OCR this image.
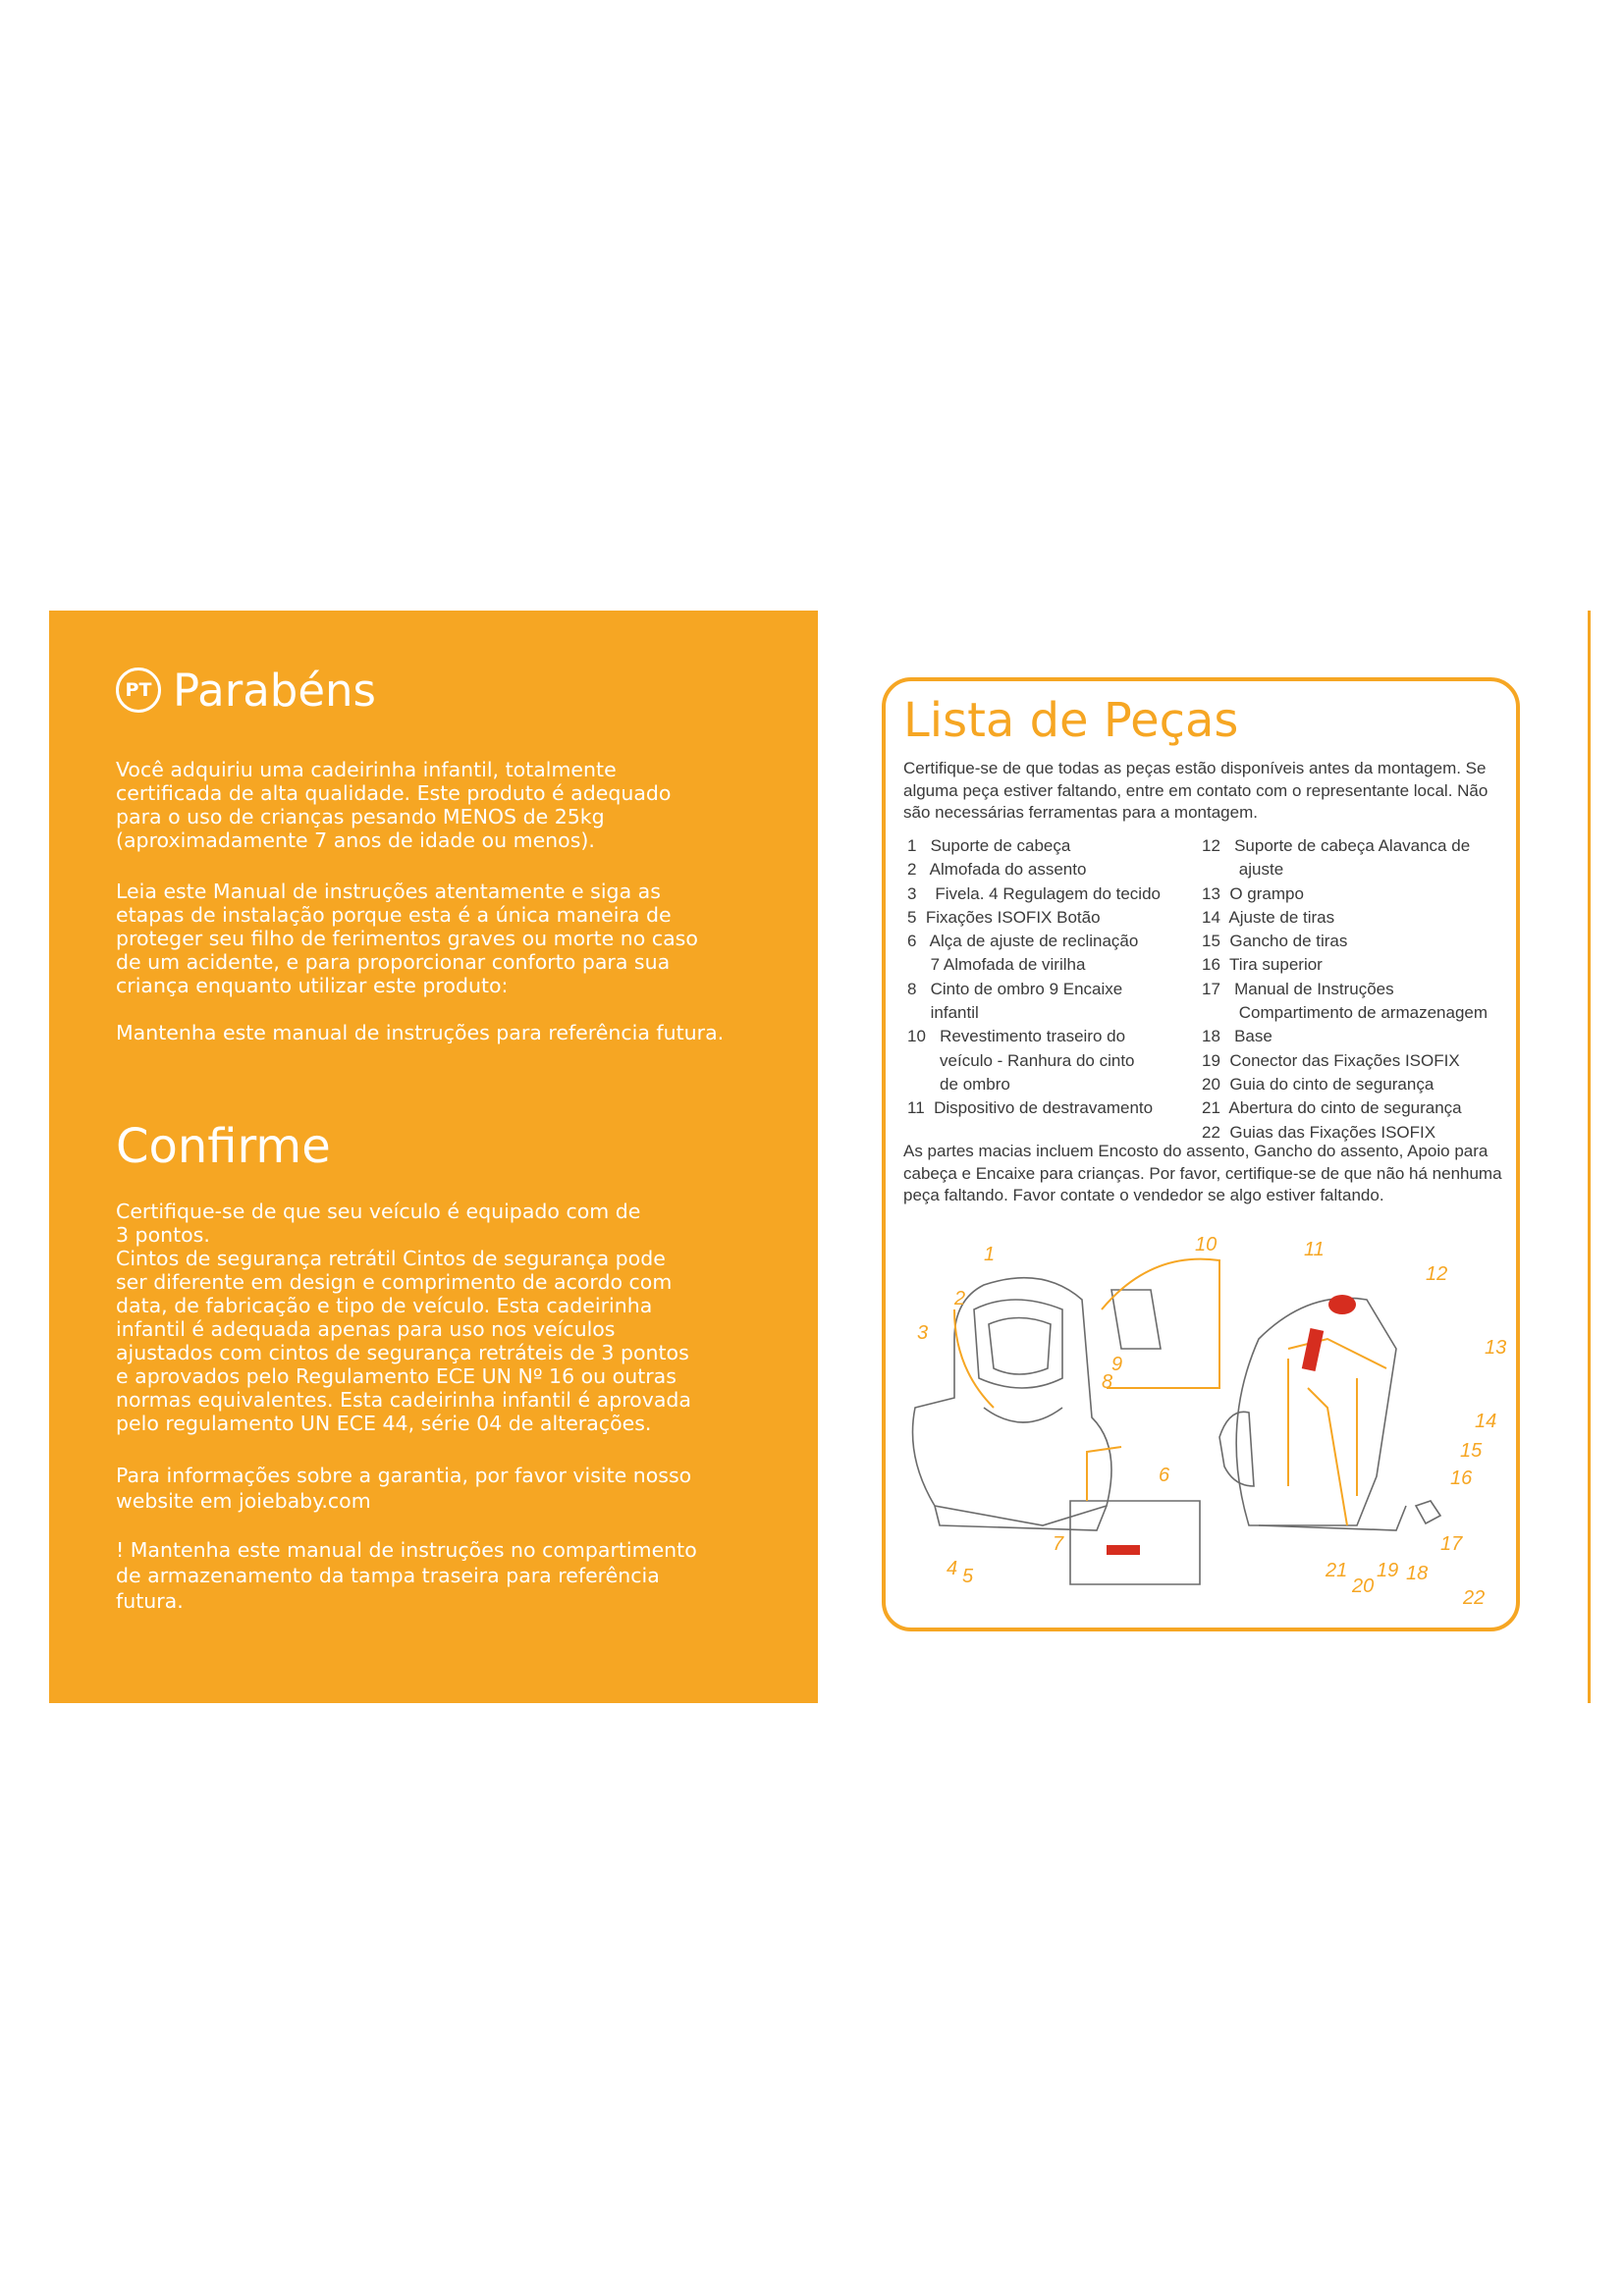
PT Parabéns
Você adquiriu uma cadeirinha infantil, totalmente
certificada de alta qualidade. Este produto é adequado
para o uso de crianças pesando MENOS de 25kg
(aproximadamente 7 anos de idade ou menos).
Leia este Manual de instruções atentamente e siga as
etapas de instalação porque esta é a única maneira de
proteger seu filho de ferimentos graves ou morte no caso
de um acidente, e para proporcionar conforto para sua
criança enquanto utilizar este produto:
Mantenha este manual de instruções para referência futura.
Confirme
Certifique-se de que seu veículo é equipado com de
3 pontos.
Cintos de segurança retrátil Cintos de segurança pode
ser diferente em design e comprimento de acordo com
data, de fabricação e tipo de veículo. Esta cadeirinha
infantil é adequada apenas para uso nos veículos
ajustados com cintos de segurança retráteis de 3 pontos
e aprovados pelo Regulamento ECE UN Nº 16 ou outras
normas equivalentes. Esta cadeirinha infantil é aprovada
pelo regulamento UN ECE 44, série 04 de alterações.
Para informações sobre a garantia, por favor visite nosso
website em joiebaby.com
! Mantenha este manual de instruções no compartimento
de armazenamento da tampa traseira para referência
futura.
Lista de Peças
Certifique-se de que todas as peças estão disponíveis antes da montagem. Se alguma peça estiver faltando, entre em contato com o representante local. Não são necessárias ferramentas para a montagem.
1   Suporte de cabeça
2   Almofada do assento
3    Fivela. 4 Regulagem do tecido
5  Fixações ISOFIX Botão
6   Alça de ajuste de reclinação
7 Almofada de virilha
8   Cinto de ombro 9 Encaixe
infantil
10   Revestimento traseiro do
veículo - Ranhura do cinto
de ombro
11  Dispositivo de destravamento
12   Suporte de cabeça Alavanca de
ajuste
13  O grampo
14  Ajuste de tiras
15  Gancho de tiras
16  Tira superior
17   Manual de Instruções
Compartimento de armazenagem
18   Base
19  Conector das Fixações ISOFIX
20  Guia do cinto de segurança
21  Abertura do cinto de segurança
22  Guias das Fixações ISOFIX
As partes macias incluem Encosto do assento, Gancho do assento, Apoio para cabeça e Encaixe para crianças. Por favor, certifique-se de que não há nenhuma peça faltando. Favor contate o vendedor se algo estiver faltando.
1
2
3
4 5
6
7
8
9
10	11
12
13
14
15
16
17
18
19
20
21
22
